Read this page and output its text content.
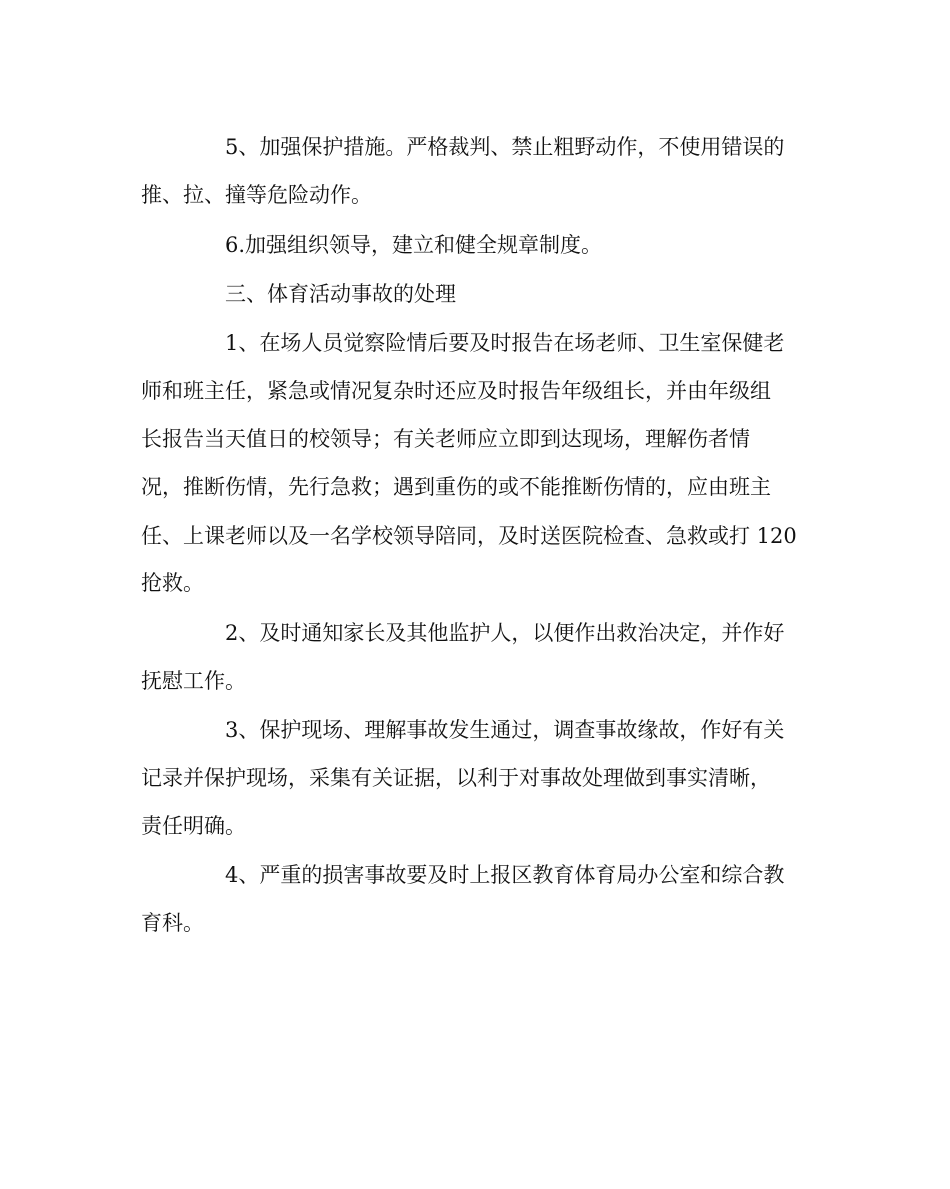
5、加强保护措施。严格裁判、禁止粗野动作，不使用错误的
推、拉、撞等危险动作。
6.加强组织领导，建立和健全规章制度。
三、体育活动事故的处理
1、在场人员觉察险情后要及时报告在场老师、卫生室保健老
师和班主任，紧急或情况复杂时还应及时报告年级组长，并由年级组
长报告当天值日的校领导；有关老师应立即到达现场，理解伤者情
况，推断伤情，先行急救；遇到重伤的或不能推断伤情的，应由班主
任、上课老师以及一名学校领导陪同，及时送医院检查、急救或打 120
抢救。
2、及时通知家长及其他监护人，以便作出救治决定，并作好
抚慰工作。
3、保护现场、理解事故发生通过，调查事故缘故，作好有关
记录并保护现场，采集有关证据，以利于对事故处理做到事实清晰，
责任明确。
4、严重的损害事故要及时上报区教育体育局办公室和综合教
育科。
